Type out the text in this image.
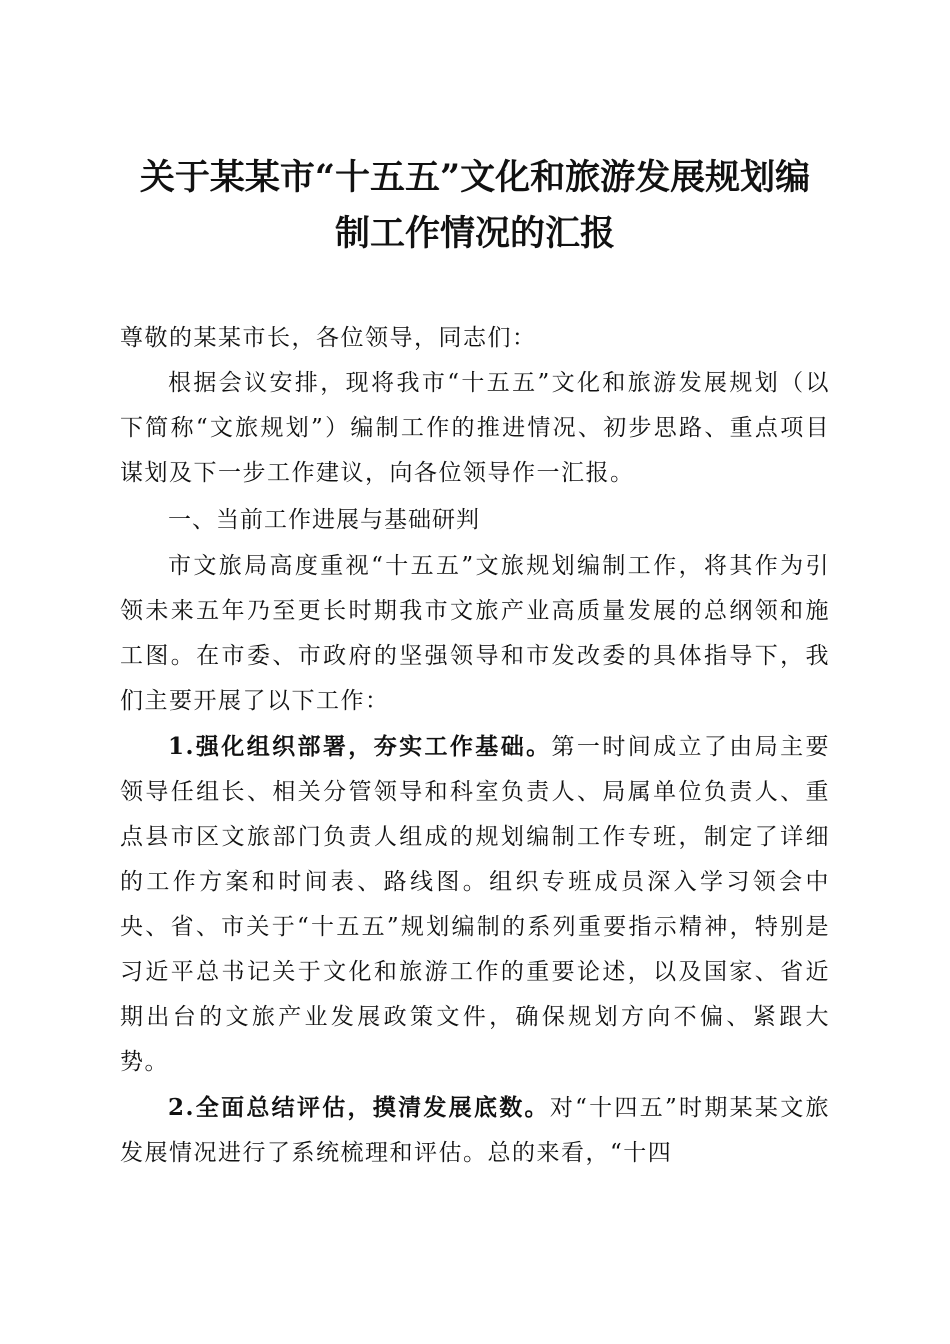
关于某某市“十五五”文化和旅游发展规划编
制工作情况的汇报

尊敬的某某市长，各位领导，同志们：

根据会议安排，现将我市“十五五”文化和旅游发展规划（以下简称“文旅规划”）编制工作的推进情况、初步思路、重点项目谋划及下一步工作建议，向各位领导作一汇报。

一、当前工作进展与基础研判

市文旅局高度重视“十五五”文旅规划编制工作，将其作为引领未来五年乃至更长时期我市文旅产业高质量发展的总纲领和施工图。在市委、市政府的坚强领导和市发改委的具体指导下，我们主要开展了以下工作：

1.强化组织部署，夯实工作基础。第一时间成立了由局主要领导任组长、相关分管领导和科室负责人、局属单位负责人、重点县市区文旅部门负责人组成的规划编制工作专班，制定了详细的工作方案和时间表、路线图。组织专班成员深入学习领会中央、省、市关于“十五五”规划编制的系列重要指示精神，特别是习近平总书记关于文化和旅游工作的重要论述，以及国家、省近期出台的文旅产业发展政策文件，确保规划方向不偏、紧跟大势。

2.全面总结评估，摸清发展底数。对“十四五”时期某某文旅发展情况进行了系统梳理和评估。总的来看，“十四
